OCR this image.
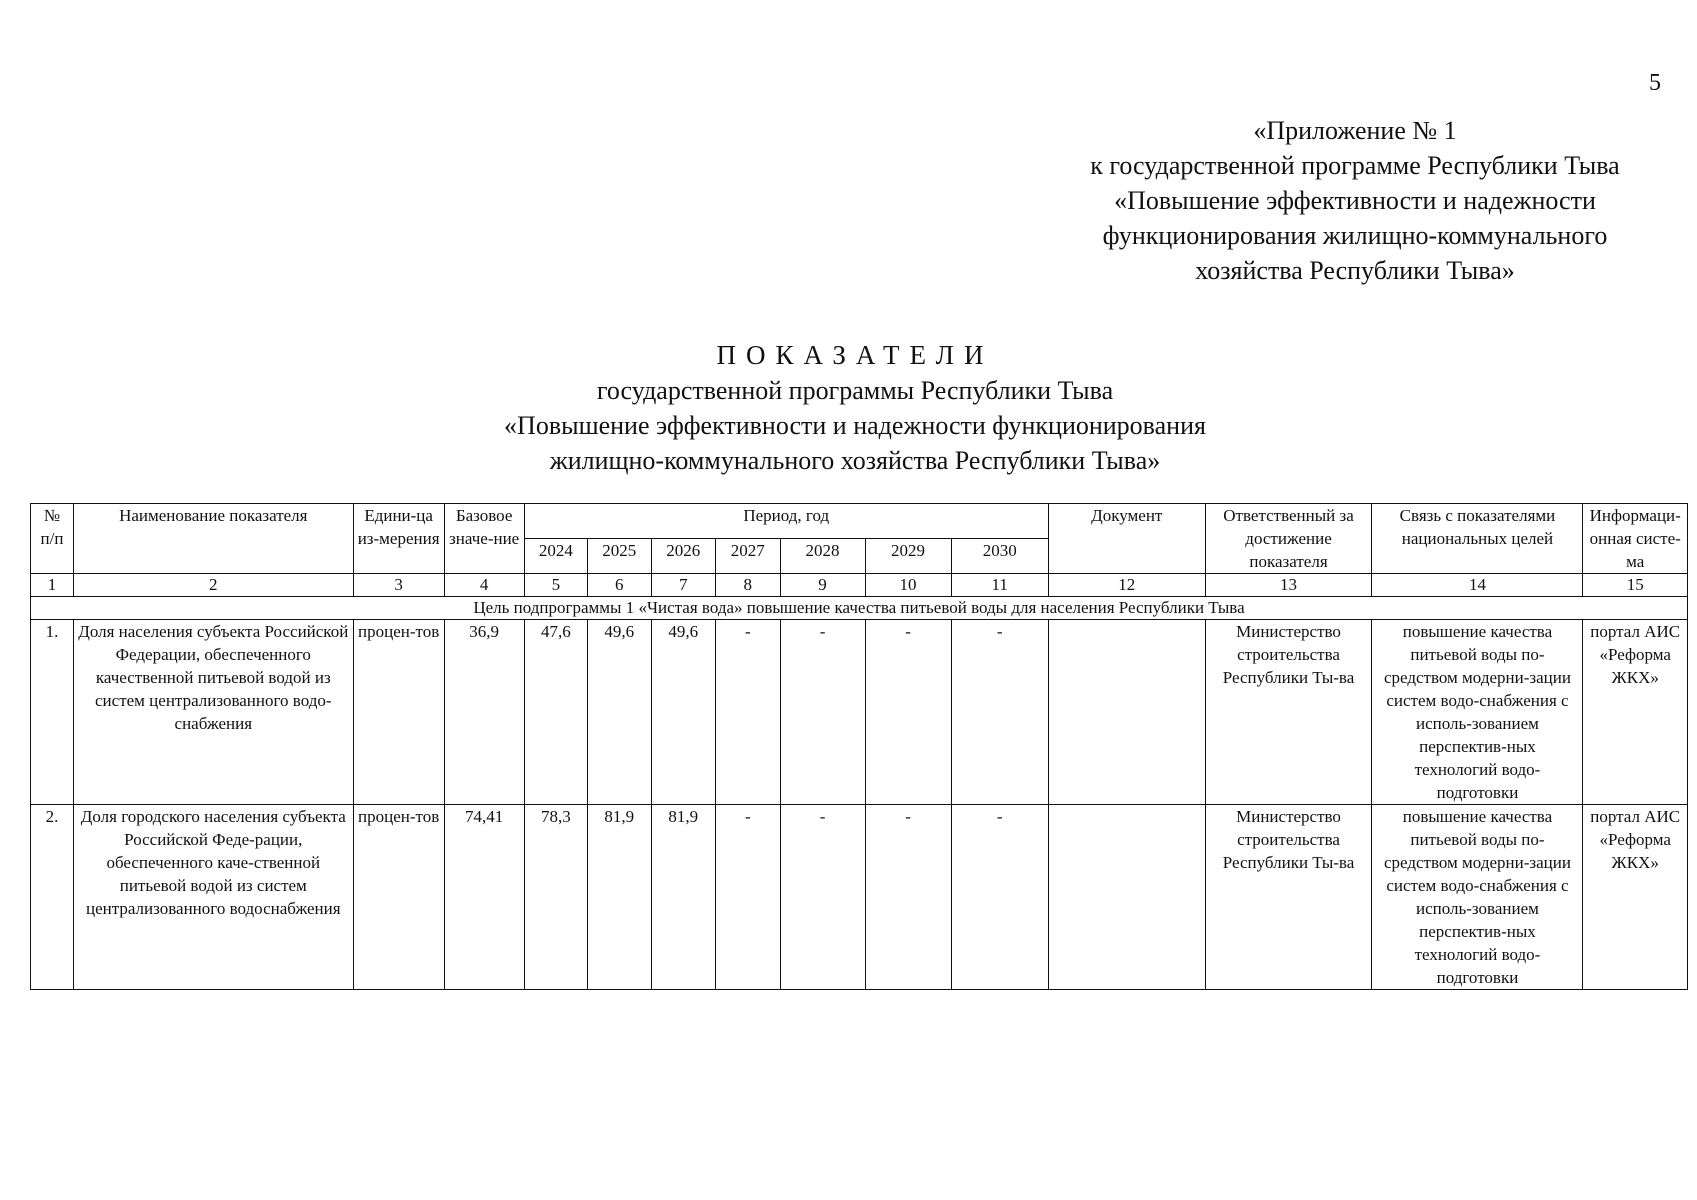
5
«Приложение № 1
к государственной программе Республики Тыва
«Повышение эффективности и надежности
функционирования жилищно-коммунального
хозяйства Республики Тыва»
ПОКАЗАТЕЛИ
государственной программы Республики Тыва
«Повышение эффективности и надежности функционирования
жилищно-коммунального хозяйства Республики Тыва»
№ п/п	Наименование показателя	Едини-ца из-мерения	Базовое значе-ние	Период, год							Документ	Ответственный за достижение показателя	Связь с показателями национальных целей	Информаци-онная систе-ма
				2024	2025	2026	2027	2028	2029	2030				
1	2	3	4	5	6	7	8	9	10	11	12	13	14	15
Цель подпрограммы 1 «Чистая вода» повышение качества питьевой воды для населения Республики Тыва														
1.	Доля населения субъекта Российской Федерации, обеспеченного качественной питьевой водой из систем централизованного водо-снабжения	процен-тов	36,9	47,6	49,6	49,6	-	-	-	-		Министерство строительства Республики Ты-ва	повышение качества питьевой воды по-средством модерни-зации систем водо-снабжения с исполь-зованием перспектив-ных технологий водо-подготовки	портал АИС «Реформа ЖКХ»
2.	Доля городского населения субъекта Российской Феде-рации, обеспеченного каче-ственной питьевой водой из систем централизованного водоснабжения	процен-тов	74,41	78,3	81,9	81,9	-	-	-	-		Министерство строительства Республики Ты-ва	повышение качества питьевой воды по-средством модерни-зации систем водо-снабжения с исполь-зованием перспектив-ных технологий водо-подготовки	портал АИС «Реформа ЖКХ»
